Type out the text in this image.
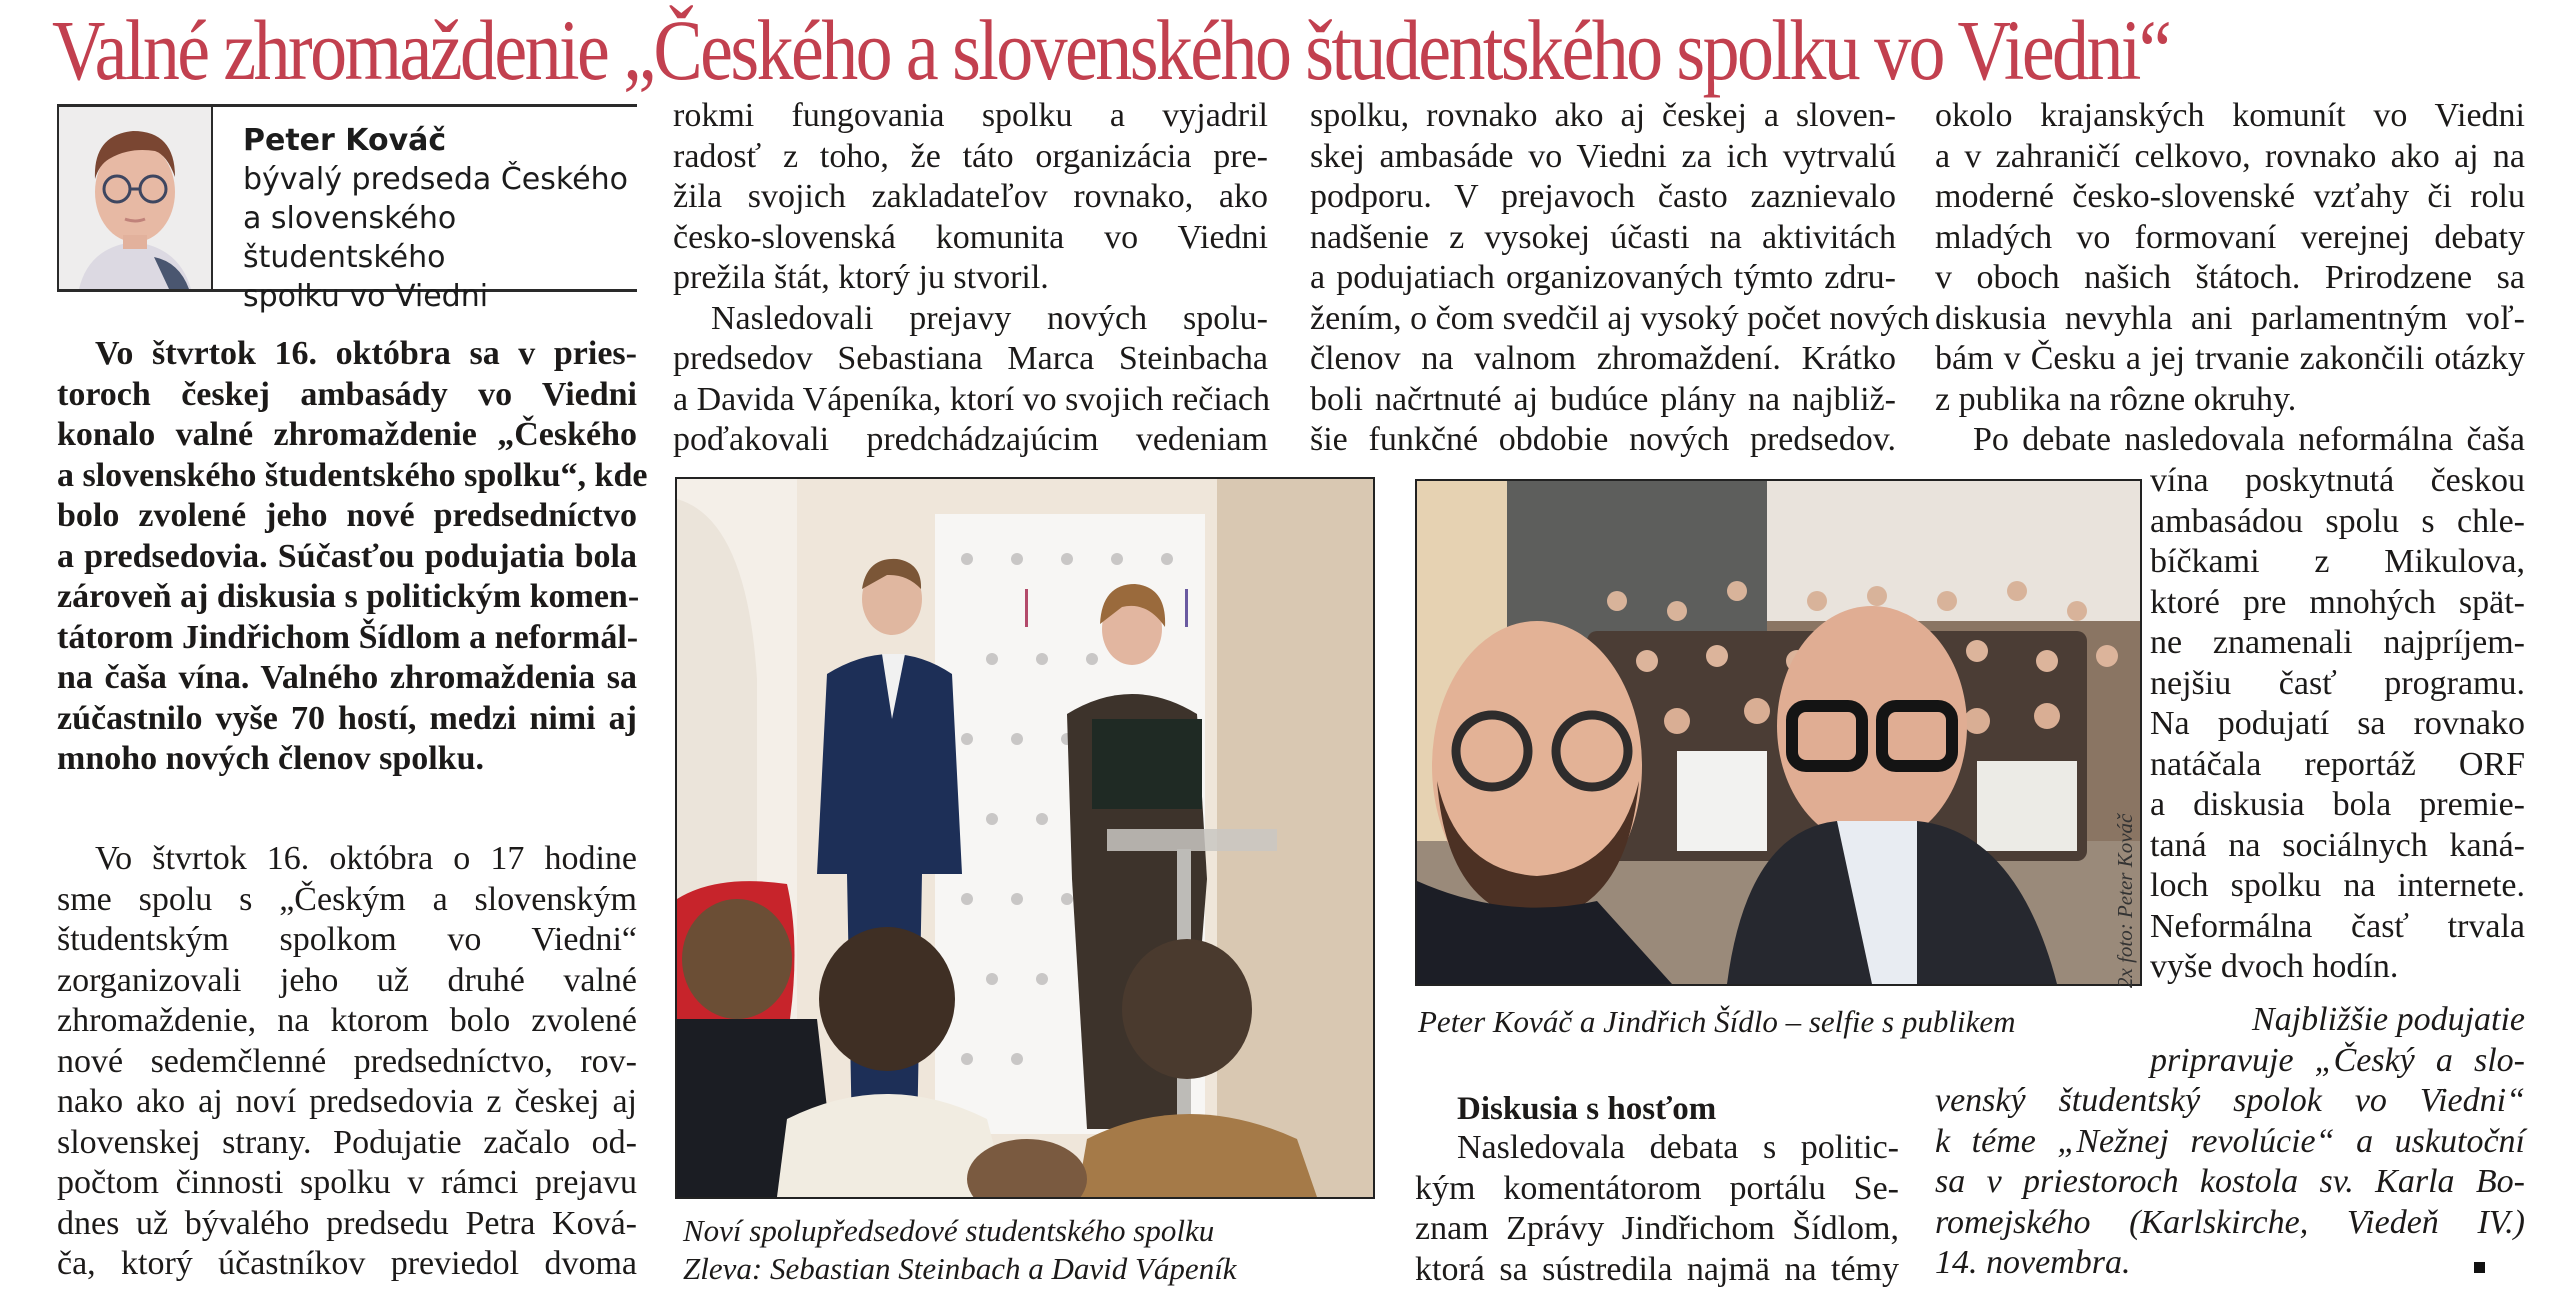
Valné zhromaždenie „Českého a slovenského študentského spolku vo Viedni“
Peter Kováč
bývalý predseda Českého
a slovenského študentského
spolku vo Viedni
Vo štvrtok 16. októbra sa v pries-
toroch českej ambasády vo Viedni
konalo valné zhromaždenie „Českého
a slovenského študentského spolku“, kde
bolo zvolené jeho nové predsedníctvo
a predsedovia. Súčasťou podujatia bola
zároveň aj diskusia s politickým komen-
tátorom Jindřichom Šídlom a neformál-
na čaša vína. Valného zhromaždenia sa
zúčastnilo vyše 70 hostí, medzi nimi aj
mnoho nových členov spolku.
Vo štvrtok 16. októbra o 17 hodine
sme spolu s „Českým a slovenským
študentským spolkom vo Viedni“
zorganizovali jeho už druhé valné
zhromaždenie, na ktorom bolo zvolené
nové sedemčlenné predsedníctvo, rov-
nako ako aj noví predsedovia z českej aj
slovenskej strany. Podujatie začalo od-
počtom činnosti spolku v rámci prejavu
dnes už bývalého predsedu Petra Ková-
ča, ktorý účastníkov previedol dvoma
rokmi fungovania spolku a vyjadril
radosť z toho, že táto organizácia pre-
žila svojich zakladateľov rovnako, ako
česko-slovenská komunita vo Viedni
prežila štát, ktorý ju stvoril.
Nasledovali prejavy nových spolu-
predsedov Sebastiana Marca Steinbacha
a Davida Vápeníka, ktorí vo svojich rečiach
poďakovali predchádzajúcim vedeniam
spolku, rovnako ako aj českej a sloven-
skej ambasáde vo Viedni za ich vytrvalú
podporu. V prejavoch často zaznievalo
nadšenie z vysokej účasti na aktivitách
a podujatiach organizovaných týmto zdru-
žením, o čom svedčil aj vysoký počet nových
členov na valnom zhromaždení. Krátko
boli načrtnuté aj budúce plány na najbliž-
šie funkčné obdobie nových predsedov.
okolo krajanských komunít vo Viedni
a v zahraničí celkovo, rovnako ako aj na
moderné česko-slovenské vzťahy či rolu
mladých vo formovaní verejnej debaty
v oboch našich štátoch. Prirodzene sa
diskusia nevyhla ani parlamentným voľ-
bám v Česku a jej trvanie zakončili otázky
z publika na rôzne okruhy.
Po debate nasledovala neformálna čaša
vína poskytnutá českou
ambasádou spolu s chle-
bíčkami z Mikulova,
ktoré pre mnohých spät-
ne znamenali najpríjem-
nejšiu časť programu.
Na podujatí sa rovnako
natáčala reportáž ORF
a diskusia bola premie-
taná na sociálnych kaná-
loch spolku na internete.
Neformálna časť trvala
vyše dvoch hodín.
Najbližšie podujatie
pripravuje „Český a slo-
venský študentský spolok vo Viedni“
k téme „Nežnej revolúcie“ a uskutoční
sa v priestoroch kostola sv. Karla Bo-
romejského (Karlskirche, Viedeň IV.)
14. novembra.
Noví spolupředsedové studentského spolku
Zleva: Sebastian Steinbach a David Vápeník
Peter Kováč a Jindřich Šídlo – selfie s publikem
2x foto: Peter Kováč
Diskusia s hosťom
Nasledovala debata s politic-
kým komentátorom portálu Se-
znam Zprávy Jindřichom Šídlom,
ktorá sa sústredila najmä na témy
